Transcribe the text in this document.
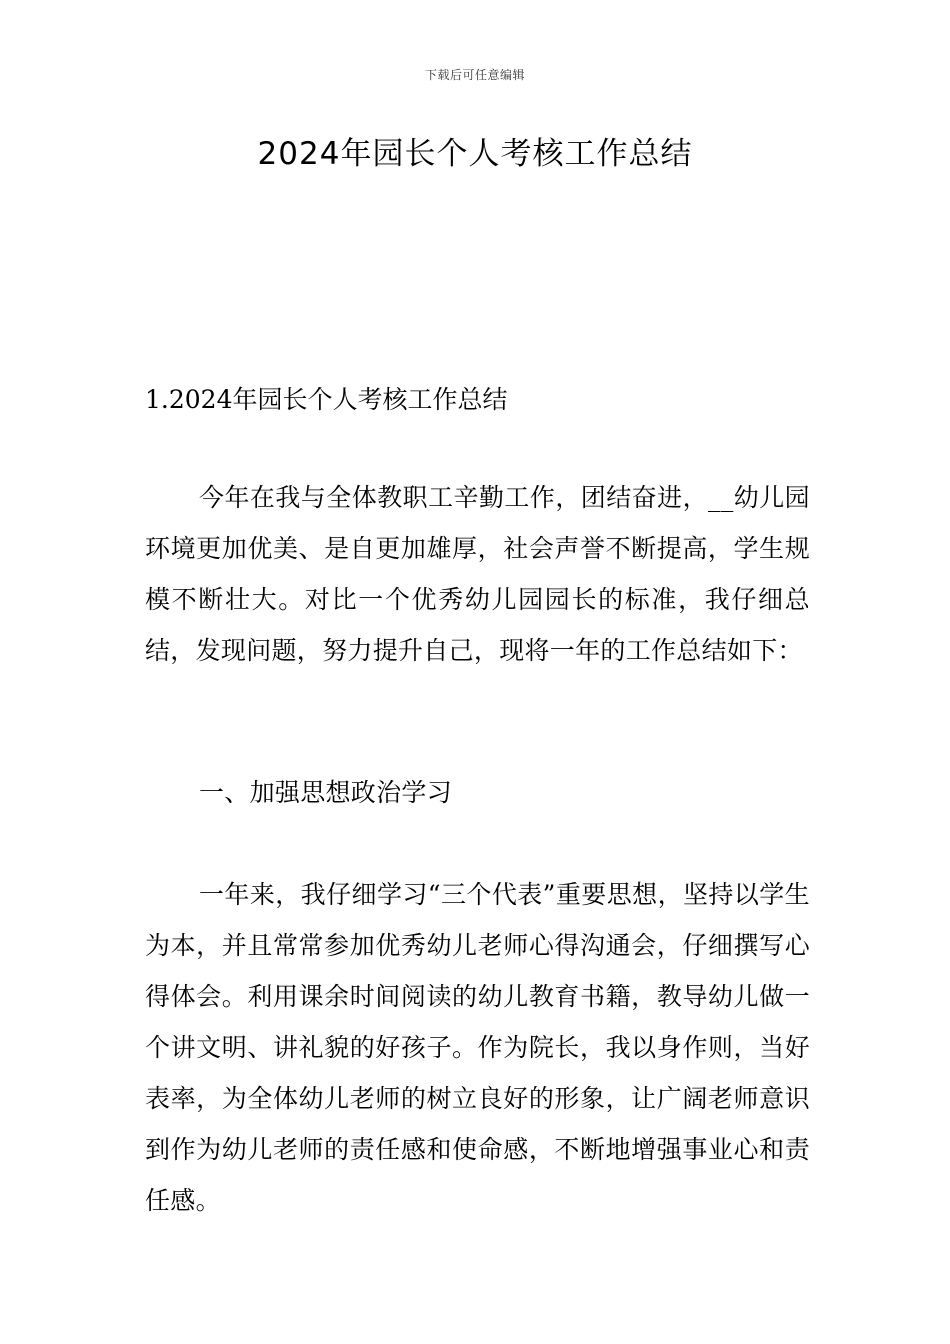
下载后可任意编辑
2024年园长个人考核工作总结
1.2024年园长个人考核工作总结

今年在我与全体教职工辛勤工作，团结奋进，__幼儿园环境更加优美、是自更加雄厚，社会声誉不断提高，学生规模不断壮大。对比一个优秀幼儿园园长的标准，我仔细总结，发现问题，努力提升自己，现将一年的工作总结如下：

一、加强思想政治学习

一年来，我仔细学习“三个代表”重要思想，坚持以学生为本，并且常常参加优秀幼儿老师心得沟通会，仔细撰写心得体会。利用课余时间阅读的幼儿教育书籍，教导幼儿做一个讲文明、讲礼貌的好孩子。作为院长，我以身作则，当好表率，为全体幼儿老师的树立良好的形象，让广阔老师意识到作为幼儿老师的责任感和使命感，不断地增强事业心和责任感。
